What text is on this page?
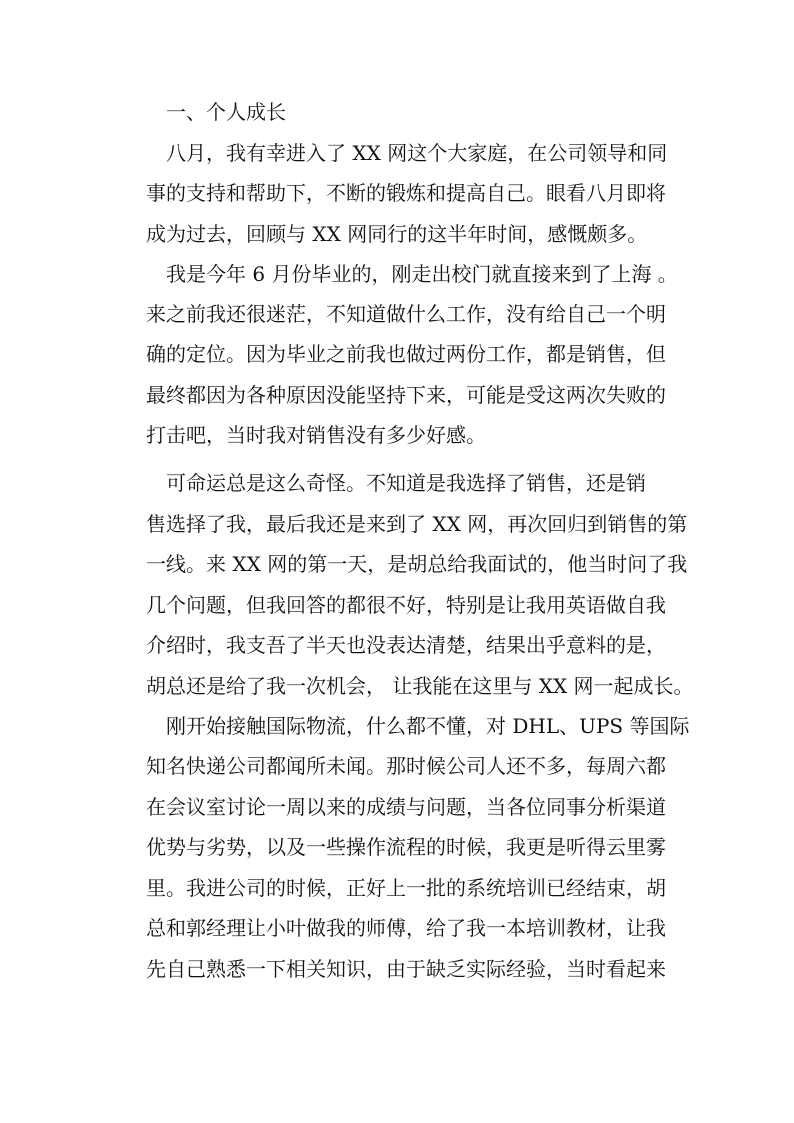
一、个人成长
八月，我有幸进入了 XX 网这个大家庭，在公司领导和同
事的支持和帮助下，不断的锻炼和提高自己。眼看八月即将
成为过去，回顾与 XX 网同行的这半年时间，感慨颇多。
我是今年 6 月份毕业的，刚走出校门就直接来到了上海 。
来之前我还很迷茫，不知道做什么工作，没有给自己一个明
确的定位。因为毕业之前我也做过两份工作，都是销售，但
最终都因为各种原因没能坚持下来，可能是受这两次失败的
打击吧，当时我对销售没有多少好感。
可命运总是这么奇怪。不知道是我选择了销售，还是销
售选择了我，最后我还是来到了 XX 网，再次回归到销售的第
一线。来 XX 网的第一天，是胡总给我面试的，他当时问了我
几个问题，但我回答的都很不好，特别是让我用英语做自我
介绍时，我支吾了半天也没表达清楚，结果出乎意料的是，
胡总还是给了我一次机会， 让我能在这里与 XX 网一起成长。
刚开始接触国际物流，什么都不懂，对 DHL、UPS 等国际
知名快递公司都闻所未闻。那时候公司人还不多，每周六都
在会议室讨论一周以来的成绩与问题，当各位同事分析渠道
优势与劣势，以及一些操作流程的时候，我更是听得云里雾
里。我进公司的时候，正好上一批的系统培训已经结束，胡
总和郭经理让小叶做我的师傅，给了我一本培训教材，让我
先自己熟悉一下相关知识，由于缺乏实际经验，当时看起来
